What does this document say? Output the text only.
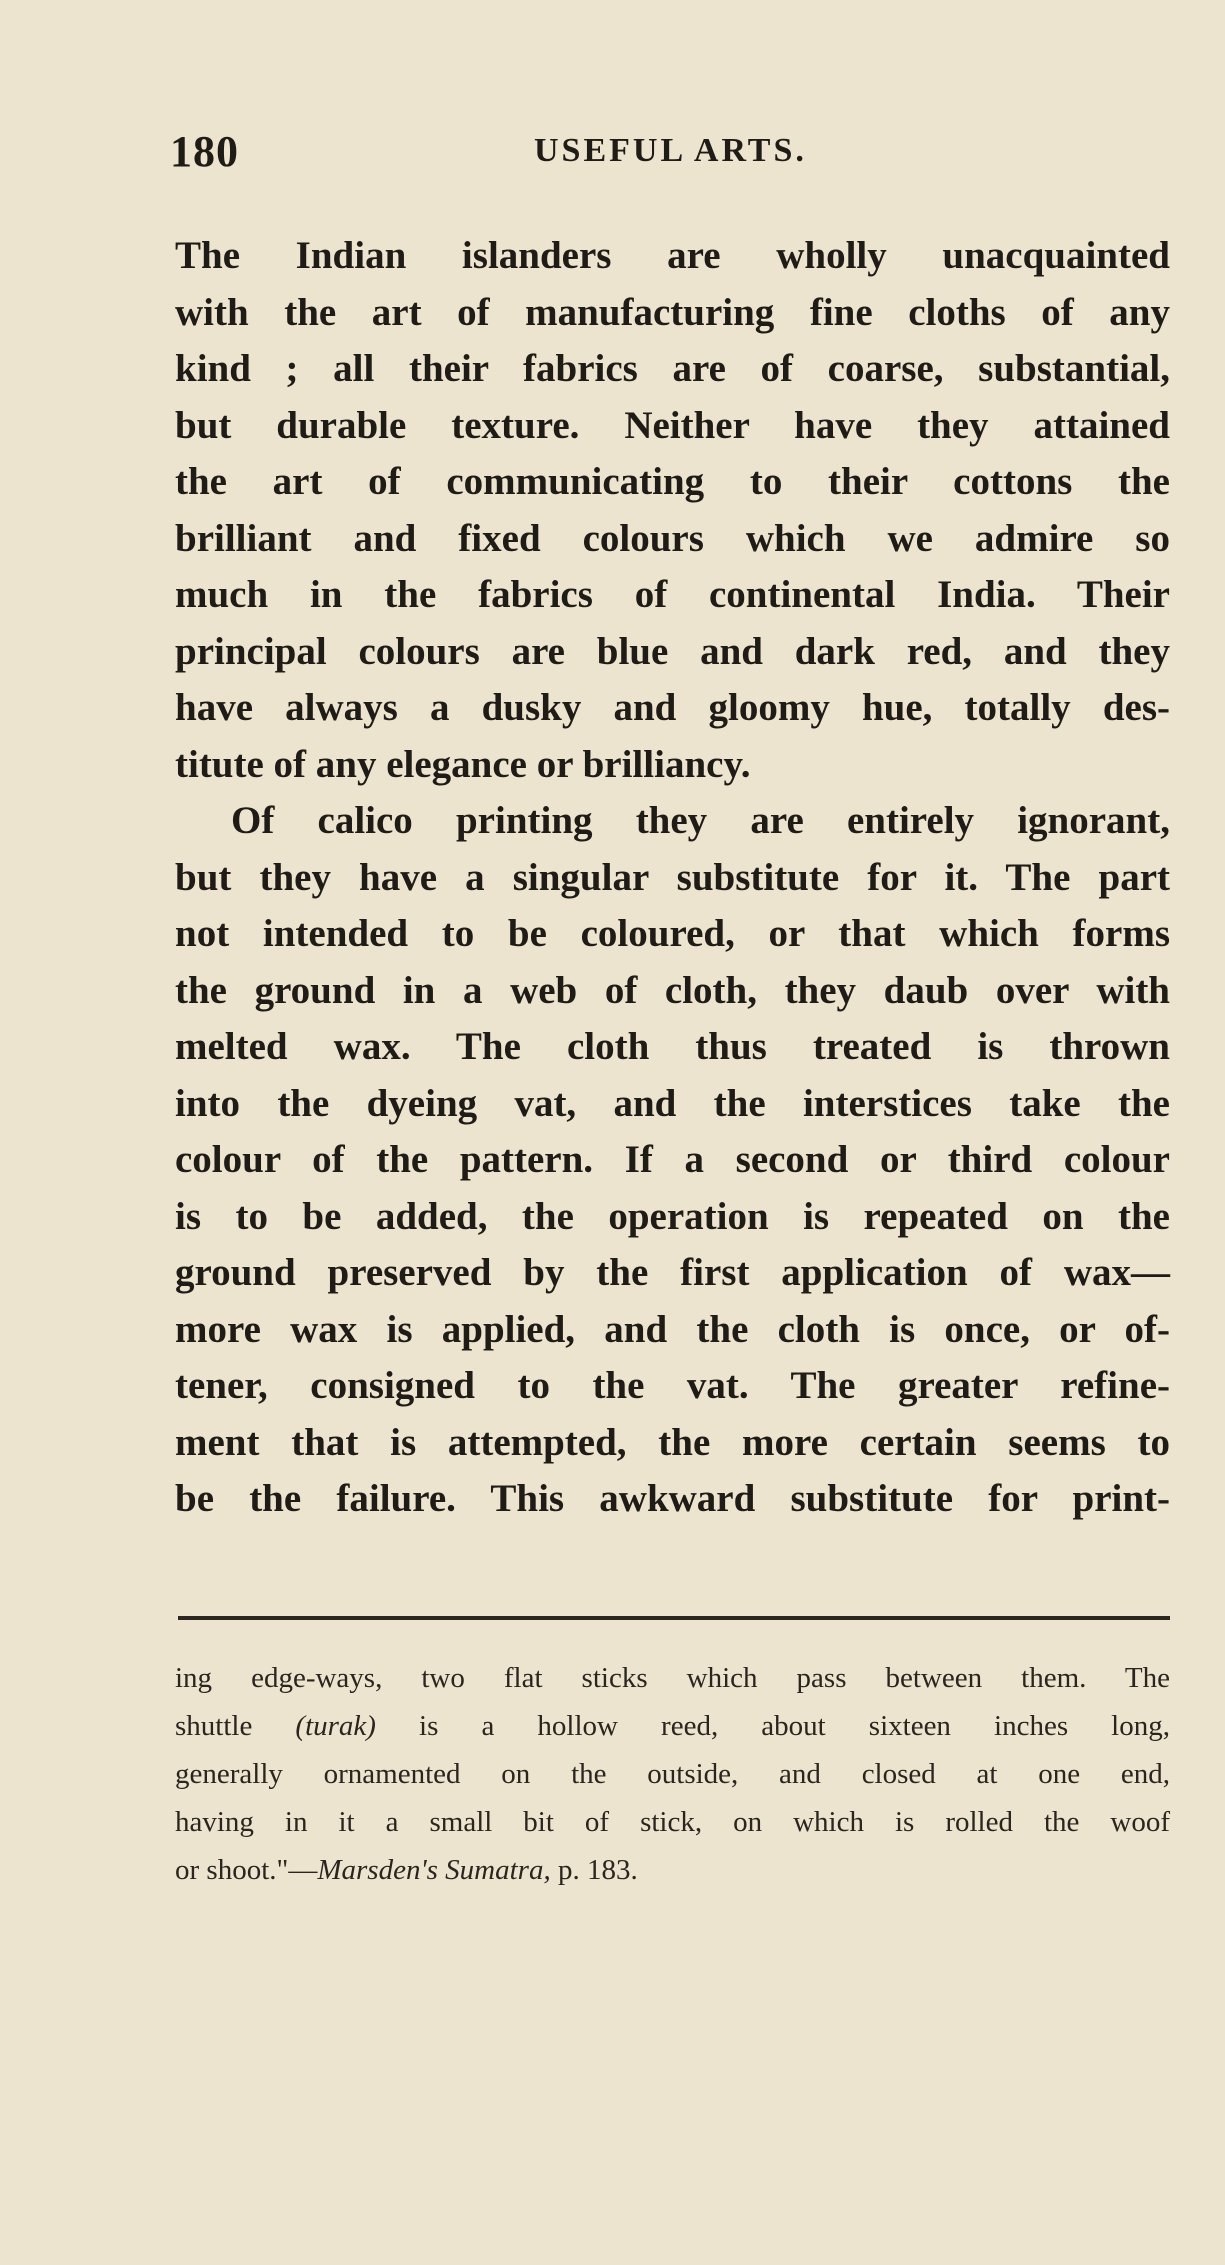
180	USEFUL ARTS.
The Indian islanders are wholly unacquainted
with the art of manufacturing fine cloths of any
kind ; all their fabrics are of coarse, substantial,
but durable texture. Neither have they attained
the art of communicating to their cottons the
brilliant and fixed colours which we admire so
much in the fabrics of continental India. Their
principal colours are blue and dark red, and they
have always a dusky and gloomy hue, totally des-
titute of any elegance or brilliancy.
Of calico printing they are entirely ignorant,
but they have a singular substitute for it. The part
not intended to be coloured, or that which forms
the ground in a web of cloth, they daub over with
melted wax. The cloth thus treated is thrown
into the dyeing vat, and the interstices take the
colour of the pattern. If a second or third colour
is to be added, the operation is repeated on the
ground preserved by the first application of wax—
more wax is applied, and the cloth is once, or of-
tener, consigned to the vat. The greater refine-
ment that is attempted, the more certain seems to
be the failure. This awkward substitute for print-
ing edge-ways, two flat sticks which pass between them. The
shuttle (turak) is a hollow reed, about sixteen inches long,
generally ornamented on the outside, and closed at one end,
having in it a small bit of stick, on which is rolled the woof
or shoot."—Marsden's Sumatra, p. 183.
